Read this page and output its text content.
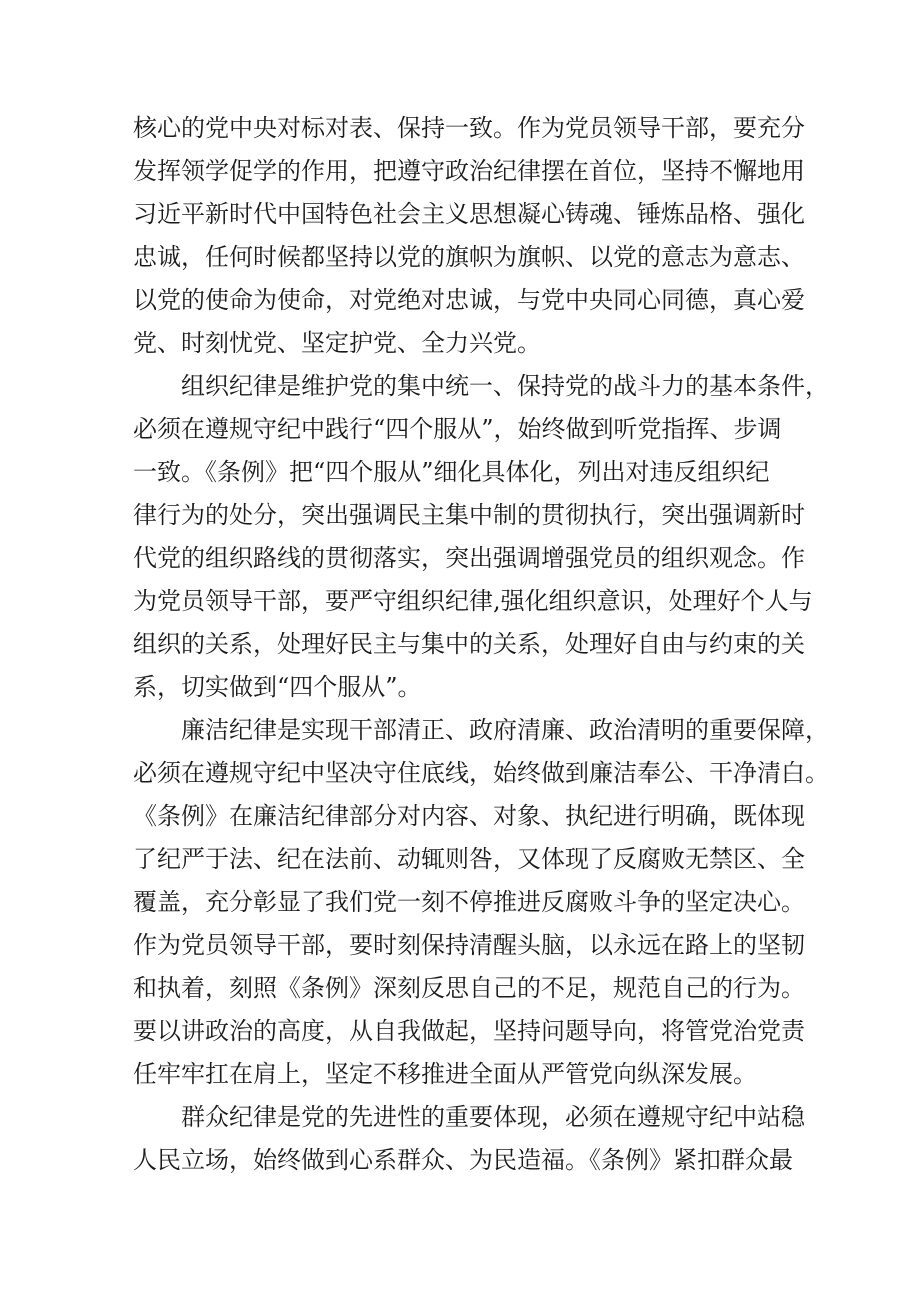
核心的党中央对标对表、保持一致。作为党员领导干部，要充分
发挥领学促学的作用，把遵守政治纪律摆在首位，坚持不懈地用
习近平新时代中国特色社会主义思想凝心铸魂、锤炼品格、强化
忠诚，任何时候都坚持以党的旗帜为旗帜、以党的意志为意志、
以党的使命为使命，对党绝对忠诚，与党中央同心同德，真心爱
党、时刻忧党、坚定护党、全力兴党。
组织纪律是维护党的集中统一、保持党的战斗力的基本条件，
必须在遵规守纪中践行“四个服从”，始终做到听党指挥、步调
一致。《条例》把“四个服从”细化具体化，列出对违反组织纪
律行为的处分，突出强调民主集中制的贯彻执行，突出强调新时
代党的组织路线的贯彻落实，突出强调增强党员的组织观念。作
为党员领导干部，要严守组织纪律,强化组织意识，处理好个人与
组织的关系，处理好民主与集中的关系，处理好自由与约束的关
系，切实做到“四个服从”。
廉洁纪律是实现干部清正、政府清廉、政治清明的重要保障，
必须在遵规守纪中坚决守住底线，始终做到廉洁奉公、干净清白。
《条例》在廉洁纪律部分对内容、对象、执纪进行明确，既体现
了纪严于法、纪在法前、动辄则咎，又体现了反腐败无禁区、全
覆盖，充分彰显了我们党一刻不停推进反腐败斗争的坚定决心。
作为党员领导干部，要时刻保持清醒头脑，以永远在路上的坚韧
和执着，刻照《条例》深刻反思自己的不足，规范自己的行为。
要以讲政治的高度，从自我做起，坚持问题导向，将管党治党责
任牢牢扛在肩上，坚定不移推进全面从严管党向纵深发展。
群众纪律是党的先进性的重要体现，必须在遵规守纪中站稳
人民立场，始终做到心系群众、为民造福。《条例》紧扣群众最
